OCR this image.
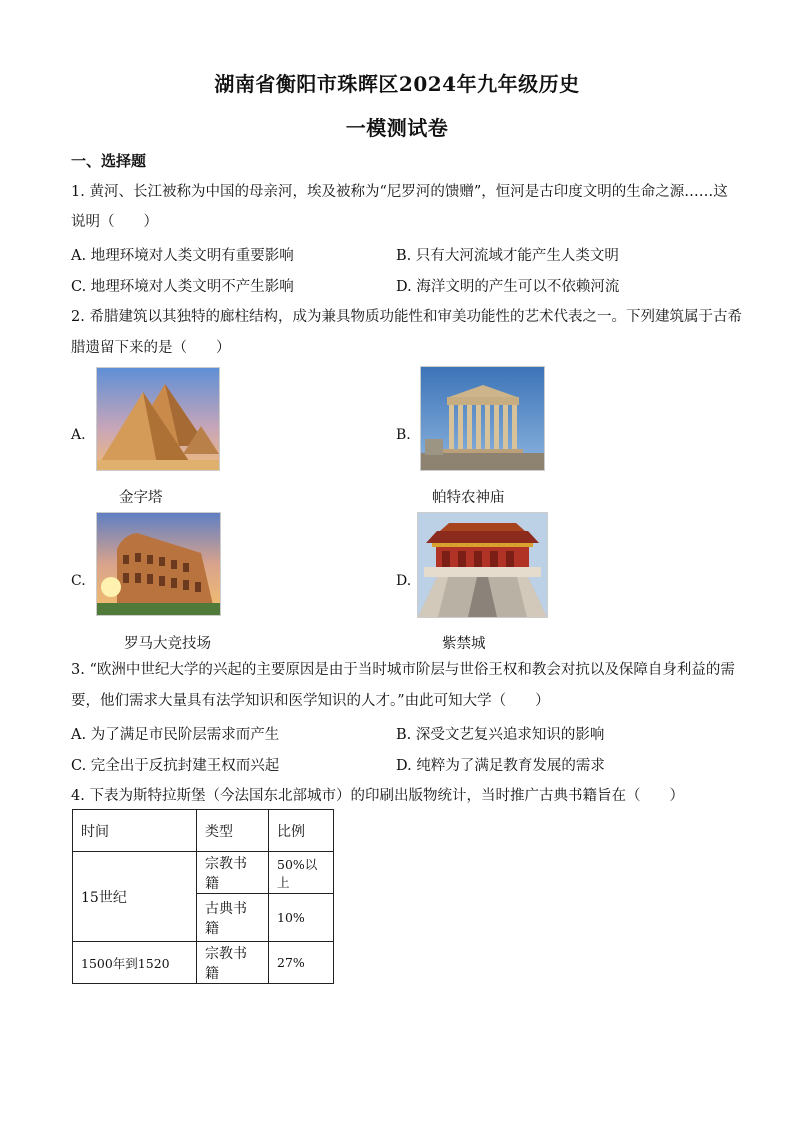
湖南省衡阳市珠晖区2024年九年级历史
一模测试卷
一、选择题
1. 黄河、长江被称为中国的母亲河，埃及被称为“尼罗河的馈赠”，恒河是古印度文明的生命之源……这
说明（　　）
A. 地理环境对人类文明有重要影响	B. 只有大河流域才能产生人类文明
C. 地理环境对人类文明不产生影响	D. 海洋文明的产生可以不依赖河流
2. 希腊建筑以其独特的廊柱结构，成为兼具物质功能性和审美功能性的艺术代表之一。下列建筑属于古希
腊遗留下来的是（　　）
A.
金字塔
B.
帕特农神庙
C.
罗马大竞技场
D.
紫禁城
3. “欧洲中世纪大学的兴起的主要原因是由于当时城市阶层与世俗王权和教会对抗以及保障自身利益的需
要，他们需求大量具有法学知识和医学知识的人才。”由此可知大学（　　）
A. 为了满足市民阶层需求而产生	B. 深受文艺复兴追求知识的影响
C. 完全出于反抗封建王权而兴起	D. 纯粹为了满足教育发展的需求
4. 下表为斯特拉斯堡（今法国东北部城市）的印刷出版物统计，当时推广古典书籍旨在（　　）
时间	类型	比例
15世纪	宗教书籍	50%以上
	古典书籍	10%
1500年到1520	宗教书籍	27%
